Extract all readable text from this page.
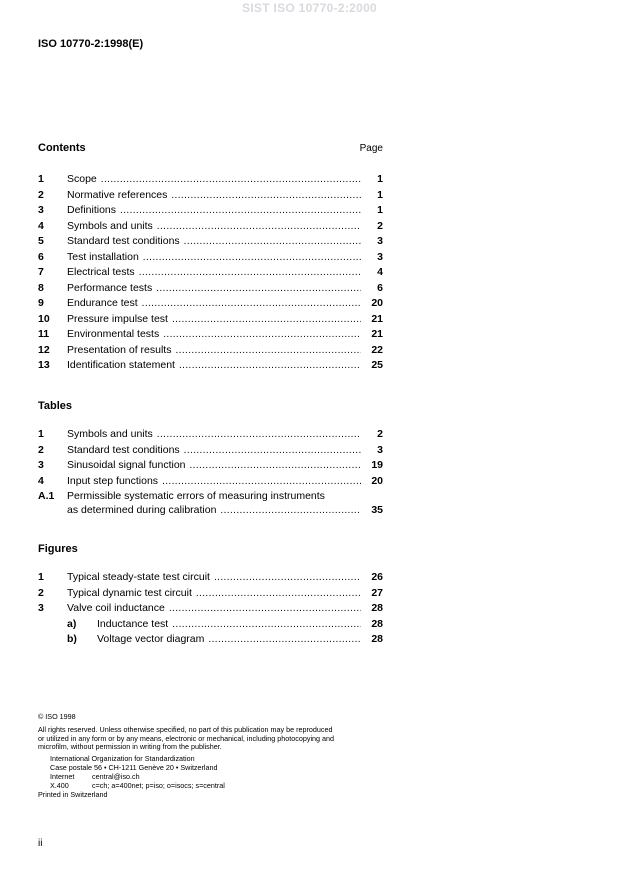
SIST ISO 10770-2:2000
ISO 10770-2:1998(E)
Contents	Page
1 Scope .....	1
2 Normative references .....	1
3 Definitions .....	1
4 Symbols and units .....	2
5 Standard test conditions .....	3
6 Test installation .....	3
7 Electrical tests .....	4
8 Performance tests .....	6
9 Endurance test .....	20
10 Pressure impulse test .....	21
11 Environmental tests .....	21
12 Presentation of results .....	22
13 Identification statement .....	25
Tables
1 Symbols and units .....	2
2 Standard test conditions .....	3
3 Sinusoidal signal function .....	19
4 Input step functions .....	20
A.1 Permissible systematic errors of measuring instruments
as determined during calibration .....	35
Figures
1 Typical steady-state test circuit .....	26
2 Typical dynamic test circuit .....	27
3 Valve coil inductance .....	28
a)	Inductance test .....	28
b)	Voltage vector diagram .....	28
© ISO 1998
All rights reserved. Unless otherwise specified, no part of this publication may be reproduced
or utilized in any form or by any means, electronic or mechanical, including photocopying and
microfilm, without permission in writing from the publisher.
International Organization for Standardization
Case postale 56 • CH-1211 Genève 20 • Switzerland
Internet	central@iso.ch
X.400	c=ch; a=400net; p=iso; o=isocs; s=central
Printed in Switzerland
ii
